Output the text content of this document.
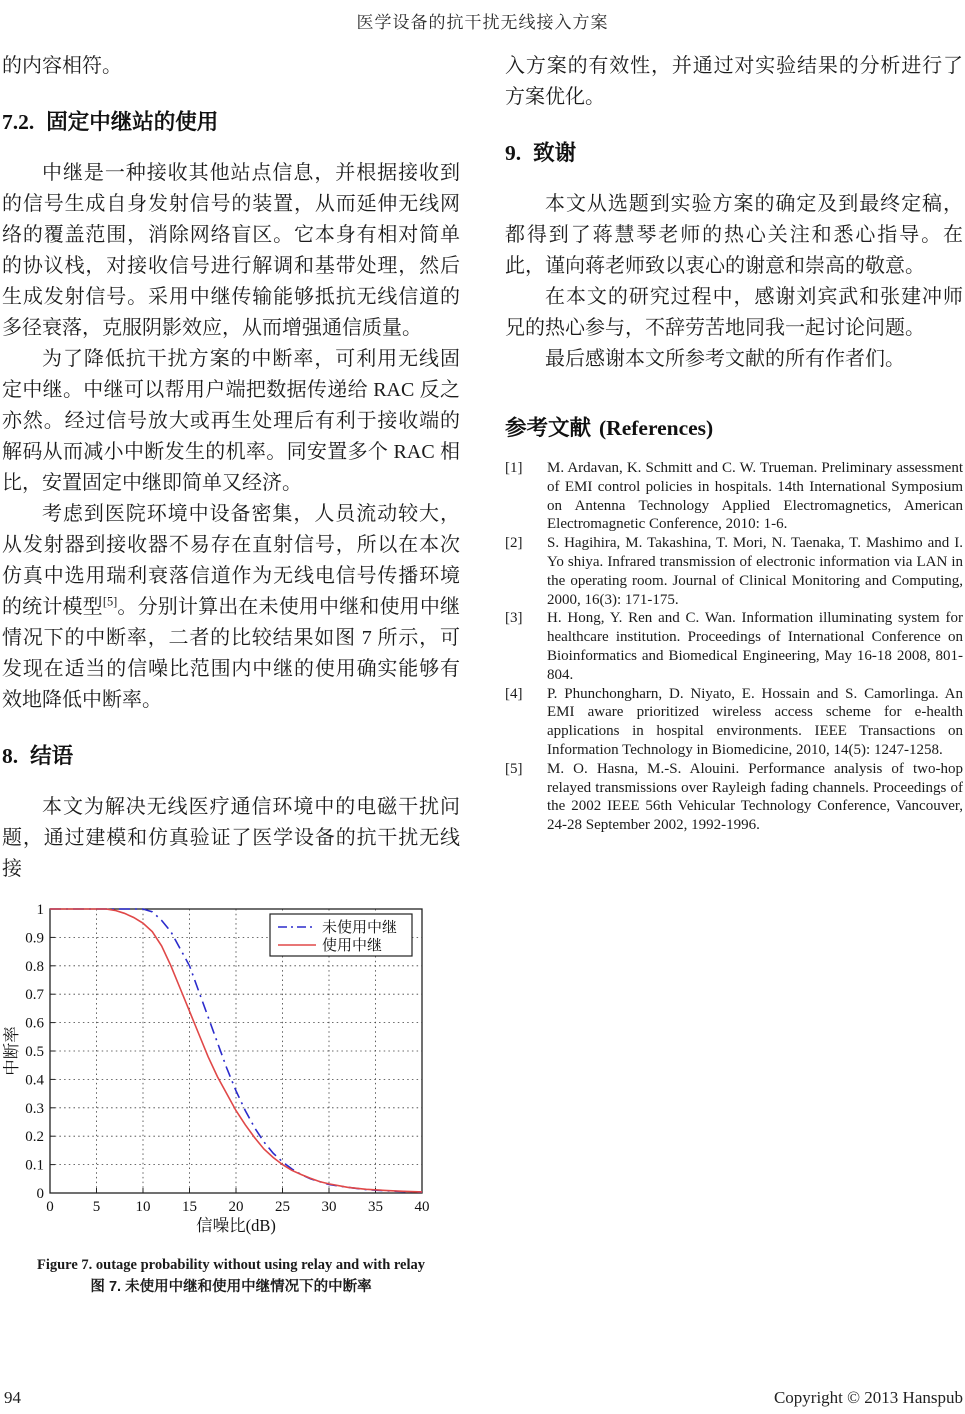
医学设备的抗干扰无线接入方案

的内容相符。

7.2. 固定中继站的使用

中继是一种接收其他站点信息，并根据接收到的信号生成自身发射信号的装置，从而延伸无线网络的覆盖范围，消除网络盲区。它本身有相对简单的协议栈，对接收信号进行解调和基带处理，然后生成发射信号。采用中继传输能够抵抗无线信道的多径衰落，克服阴影效应，从而增强通信质量。

为了降低抗干扰方案的中断率，可利用无线固定中继。中继可以帮用户端把数据传递给 RAC 反之亦然。经过信号放大或再生处理后有利于接收端的解码从而减小中断发生的机率。同安置多个 RAC 相比，安置固定中继即简单又经济。

考虑到医院环境中设备密集，人员流动较大，从发射器到接收器不易存在直射信号，所以在本次仿真中选用瑞利衰落信道作为无线电信号传播环境的统计模型[5]。分别计算出在未使用中继和使用中继情况下的中断率，二者的比较结果如图 7 所示，可发现在适当的信噪比范围内中继的使用确实能够有效地降低中断率。

8. 结语

本文为解决无线医疗通信环境中的电磁干扰问题，通过建模和仿真验证了医学设备的抗干扰无线接

0	5 10 15 20 25 30 35 40
0
0.1
0.2
0.3
0.4
0.5
0.6
0.7
0.8
0.9
1
信噪比(dB)
中断率
未使用中继
使用中继
Figure 7. outage probability without using relay and with relay
图 7. 未使用中继和使用中继情况下的中断率

入方案的有效性，并通过对实验结果的分析进行了方案优化。

9. 致谢

本文从选题到实验方案的确定及到最终定稿，都得到了蒋慧琴老师的热心关注和悉心指导。在此，谨向蒋老师致以衷心的谢意和崇高的敬意。

在本文的研究过程中，感谢刘宾武和张建冲师兄的热心参与，不辞劳苦地同我一起讨论问题。

最后感谢本文所参考文献的所有作者们。

参考文献 (References)
[1]	M. Ardavan, K. Schmitt and C. W. Trueman. Preliminary assessment of EMI control policies in hospitals. 14th International Symposium on Antenna Technology Applied Electromagnetics, American Electromagnetic Conference, 2010: 1-6.
[2]	S. Hagihira, M. Takashina, T. Mori, N. Taenaka, T. Mashimo and I. Yo shiya. Infrared transmission of electronic information via LAN in the operating room. Journal of Clinical Monitoring and Computing, 2000, 16(3): 171-175.
[3]	H. Hong, Y. Ren and C. Wan. Information illuminating system for healthcare institution. Proceedings of International Conference on Bioinformatics and Biomedical Engineering, May 16-18 2008, 801-804.
[4]	P. Phunchongharn, D. Niyato, E. Hossain and S. Camorlinga. An EMI aware prioritized wireless access scheme for e-health applications in hospital environments. IEEE Transactions on Information Technology in Biomedicine, 2010, 14(5): 1247-1258.
[5]	M. O. Hasna, M.-S. Alouini. Performance analysis of two-hop relayed transmissions over Rayleigh fading channels. Proceedings of the 2002 IEEE 56th Vehicular Technology Conference, Vancouver, 24-28 September 2002, 1992-1996.
94	Copyright © 2013 Hanspub
